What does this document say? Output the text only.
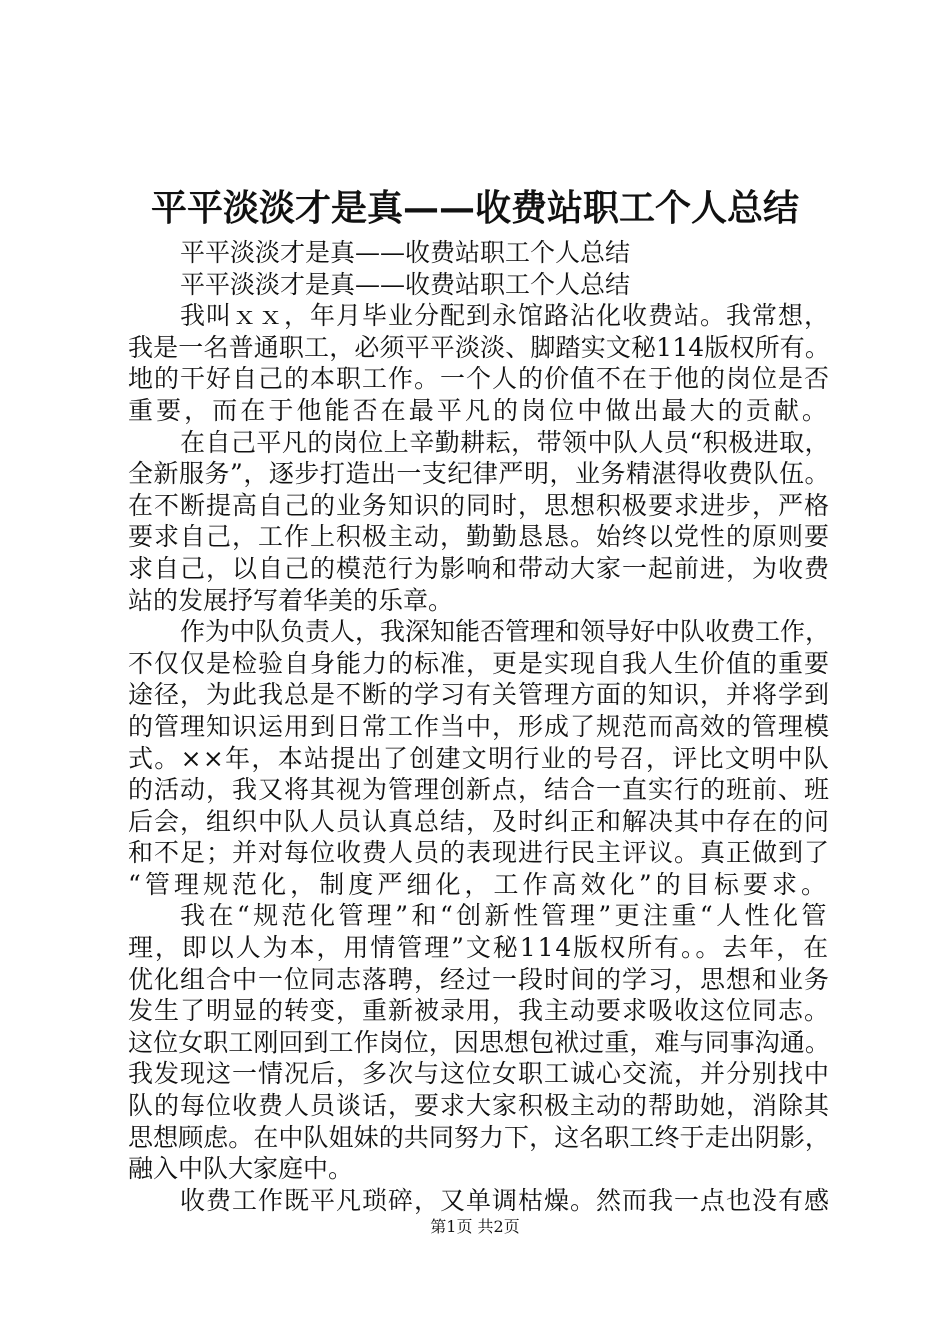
平平淡淡才是真——收费站职工个人总结
平平淡淡才是真——收费站职工个人总结
平平淡淡才是真——收费站职工个人总结
我叫ｘｘ，年月毕业分配到永馆路沾化收费站。我常想，
我是一名普通职工，必须平平淡淡、脚踏实文秘114版权所有。
地的干好自己的本职工作。一个人的价值不在于他的岗位是否
重要，而在于他能否在最平凡的岗位中做出最大的贡献。
在自己平凡的岗位上辛勤耕耘，带领中队人员“积极进取，
全新服务”，逐步打造出一支纪律严明，业务精湛得收费队伍。
在不断提高自己的业务知识的同时，思想积极要求进步，严格
要求自己，工作上积极主动，勤勤恳恳。始终以党性的原则要
求自己，以自己的模范行为影响和带动大家一起前进，为收费
站的发展抒写着华美的乐章。
作为中队负责人，我深知能否管理和领导好中队收费工作，
不仅仅是检验自身能力的标准，更是实现自我人生价值的重要
途径，为此我总是不断的学习有关管理方面的知识，并将学到
的管理知识运用到日常工作当中，形成了规范而高效的管理模
式。××年，本站提出了创建文明行业的号召，评比文明中队
的活动，我又将其视为管理创新点，结合一直实行的班前、班
后会，组织中队人员认真总结，及时纠正和解决其中存在的问
和不足；并对每位收费人员的表现进行民主评议。真正做到了
“管理规范化，制度严细化，工作高效化”的目标要求。
我在“规范化管理”和“创新性管理”更注重“人性化管
理，即以人为本，用情管理”文秘114版权所有。。去年，在
优化组合中一位同志落聘，经过一段时间的学习，思想和业务
发生了明显的转变，重新被录用，我主动要求吸收这位同志。
这位女职工刚回到工作岗位，因思想包袱过重，难与同事沟通。
我发现这一情况后，多次与这位女职工诚心交流，并分别找中
队的每位收费人员谈话，要求大家积极主动的帮助她，消除其
思想顾虑。在中队姐妹的共同努力下，这名职工终于走出阴影，
融入中队大家庭中。
收费工作既平凡琐碎，又单调枯燥。然而我一点也没有感
第1页 共2页
